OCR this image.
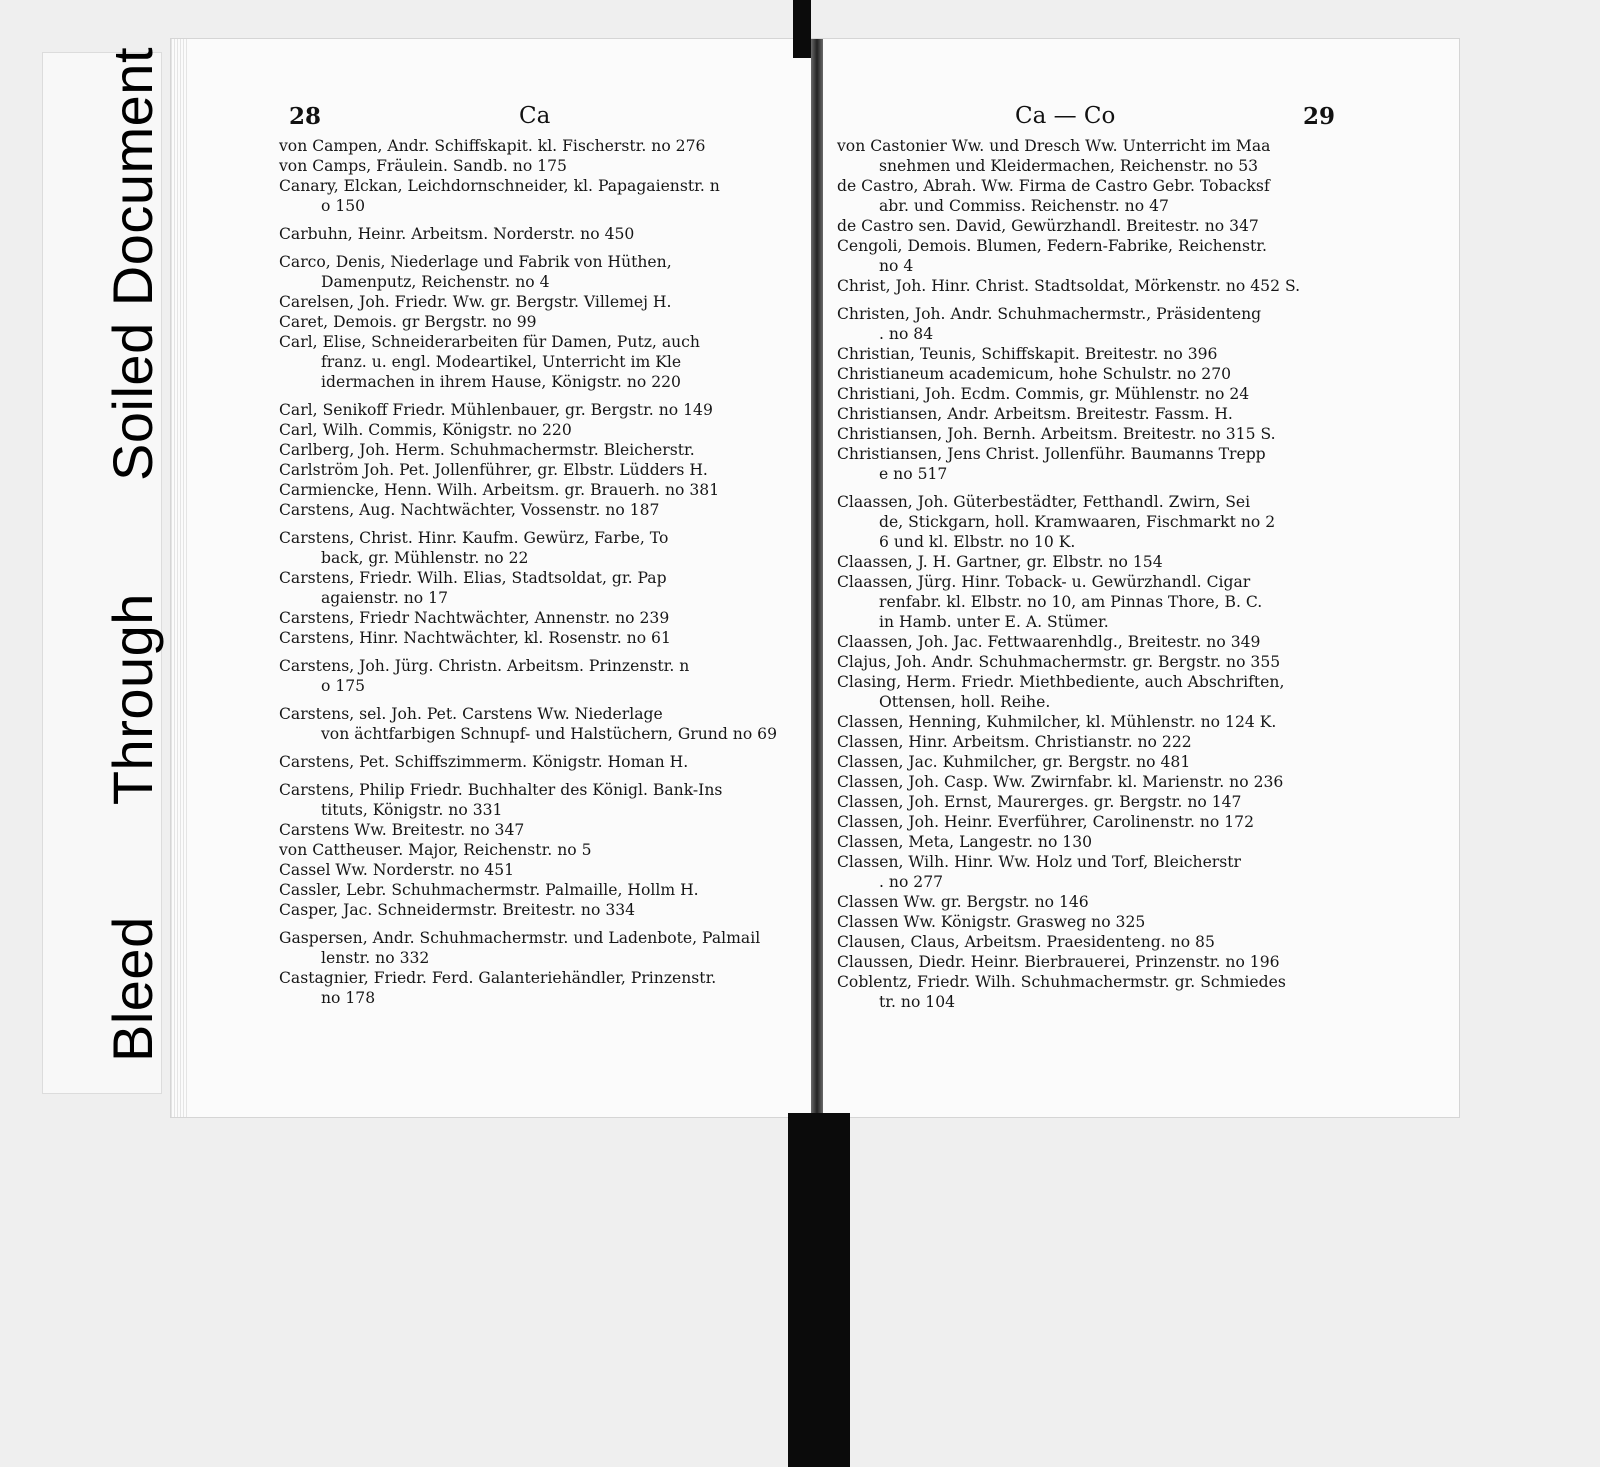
Bleed  Through  Soiled Document	28	Ca
von Campen, Andr. Schiffskapit. kl. Fischerstr. no 276
von Camps, Fräulein. Sandb. no 175
Canary, Elckan, Leichdornschneider, kl. Papagaienstr. n
o 150
Carbuhn, Heinr. Arbeitsm. Norderstr. no 450
Carco, Denis, Niederlage und Fabrik von Hüthen,
Damenputz, Reichenstr. no 4
Carelsen, Joh. Friedr. Ww. gr. Bergstr. Villemej H.
Caret, Demois. gr Bergstr. no 99
Carl, Elise, Schneiderarbeiten für Damen, Putz, auch
franz. u. engl. Modeartikel, Unterricht im Kle
idermachen in ihrem Hause, Königstr. no 220
Carl, Senikoff Friedr. Mühlenbauer, gr. Bergstr. no 149
Carl, Wilh. Commis, Königstr. no 220
Carlberg, Joh. Herm. Schuhmachermstr. Bleicherstr.
Carlström Joh. Pet. Jollenführer, gr. Elbstr. Lüdders H.
Carmiencke, Henn. Wilh. Arbeitsm. gr. Brauerh. no 381
Carstens, Aug. Nachtwächter, Vossenstr. no 187
Carstens, Christ. Hinr. Kaufm. Gewürz, Farbe, To
back, gr. Mühlenstr. no 22
Carstens, Friedr. Wilh. Elias, Stadtsoldat, gr. Pap
agaienstr. no 17
Carstens, Friedr Nachtwächter, Annenstr. no 239
Carstens, Hinr. Nachtwächter, kl. Rosenstr. no 61
Carstens, Joh. Jürg. Christn. Arbeitsm. Prinzenstr. n
o 175
Carstens, sel. Joh. Pet. Carstens Ww. Niederlage
von ächtfarbigen Schnupf- und Halstüchern, Grund no 69
Carstens, Pet. Schiffszimmerm. Königstr. Homan H.
Carstens, Philip Friedr. Buchhalter des Königl. Bank-Ins
tituts, Königstr. no 331
Carstens Ww. Breitestr. no 347
von Cattheuser. Major, Reichenstr. no 5
Cassel Ww. Norderstr. no 451
Cassler, Lebr. Schuhmachermstr. Palmaille, Hollm H.
Casper, Jac. Schneidermstr. Breitestr. no 334
Gaspersen, Andr. Schuhmachermstr. und Ladenbote, Palmail
lenstr. no 332
Castagnier, Friedr. Ferd. Galanteriehändler, Prinzenstr.
no 178
Ca — Co	29
von Castonier Ww. und Dresch Ww. Unterricht im Maa
snehmen und Kleidermachen, Reichenstr. no 53
de Castro, Abrah. Ww. Firma de Castro Gebr. Tobacksf
abr. und Commiss. Reichenstr. no 47
de Castro sen. David, Gewürzhandl. Breitestr. no 347
Cengoli, Demois. Blumen, Federn-Fabrike, Reichenstr.
no 4
Christ, Joh. Hinr. Christ. Stadtsoldat, Mörkenstr. no 452 S.
Christen, Joh. Andr. Schuhmachermstr., Präsidenteng
. no 84
Christian, Teunis, Schiffskapit. Breitestr. no 396
Christianeum academicum, hohe Schulstr. no 270
Christiani, Joh. Ecdm. Commis, gr. Mühlenstr. no 24
Christiansen, Andr. Arbeitsm. Breitestr. Fassm. H.
Christiansen, Joh. Bernh. Arbeitsm. Breitestr. no 315 S.
Christiansen, Jens Christ. Jollenführ. Baumanns Trepp
e no 517
Claassen, Joh. Güterbestädter, Fetthandl. Zwirn, Sei
de, Stickgarn, holl. Kramwaaren, Fischmarkt no 2
6 und kl. Elbstr. no 10 K.
Claassen, J. H. Gartner, gr. Elbstr. no 154
Claassen, Jürg. Hinr. Toback- u. Gewürzhandl. Cigar
renfabr. kl. Elbstr. no 10, am Pinnas Thore, B. C.
in Hamb. unter E. A. Stümer.
Claassen, Joh. Jac. Fettwaarenhdlg., Breitestr. no 349
Clajus, Joh. Andr. Schuhmachermstr. gr. Bergstr. no 355
Clasing, Herm. Friedr. Miethbediente, auch Abschriften,
Ottensen, holl. Reihe.
Classen, Henning, Kuhmilcher, kl. Mühlenstr. no 124 K.
Classen, Hinr. Arbeitsm. Christianstr. no 222
Classen, Jac. Kuhmilcher, gr. Bergstr. no 481
Classen, Joh. Casp. Ww. Zwirnfabr. kl. Marienstr. no 236
Classen, Joh. Ernst, Maurerges. gr. Bergstr. no 147
Classen, Joh. Heinr. Everführer, Carolinenstr. no 172
Classen, Meta, Langestr. no 130
Classen, Wilh. Hinr. Ww. Holz und Torf, Bleicherstr
. no 277
Classen Ww. gr. Bergstr. no 146
Classen Ww. Königstr. Grasweg no 325
Clausen, Claus, Arbeitsm. Praesidenteng. no 85
Claussen, Diedr. Heinr. Bierbrauerei, Prinzenstr. no 196
Coblentz, Friedr. Wilh. Schuhmachermstr. gr. Schmiedes
tr. no 104
